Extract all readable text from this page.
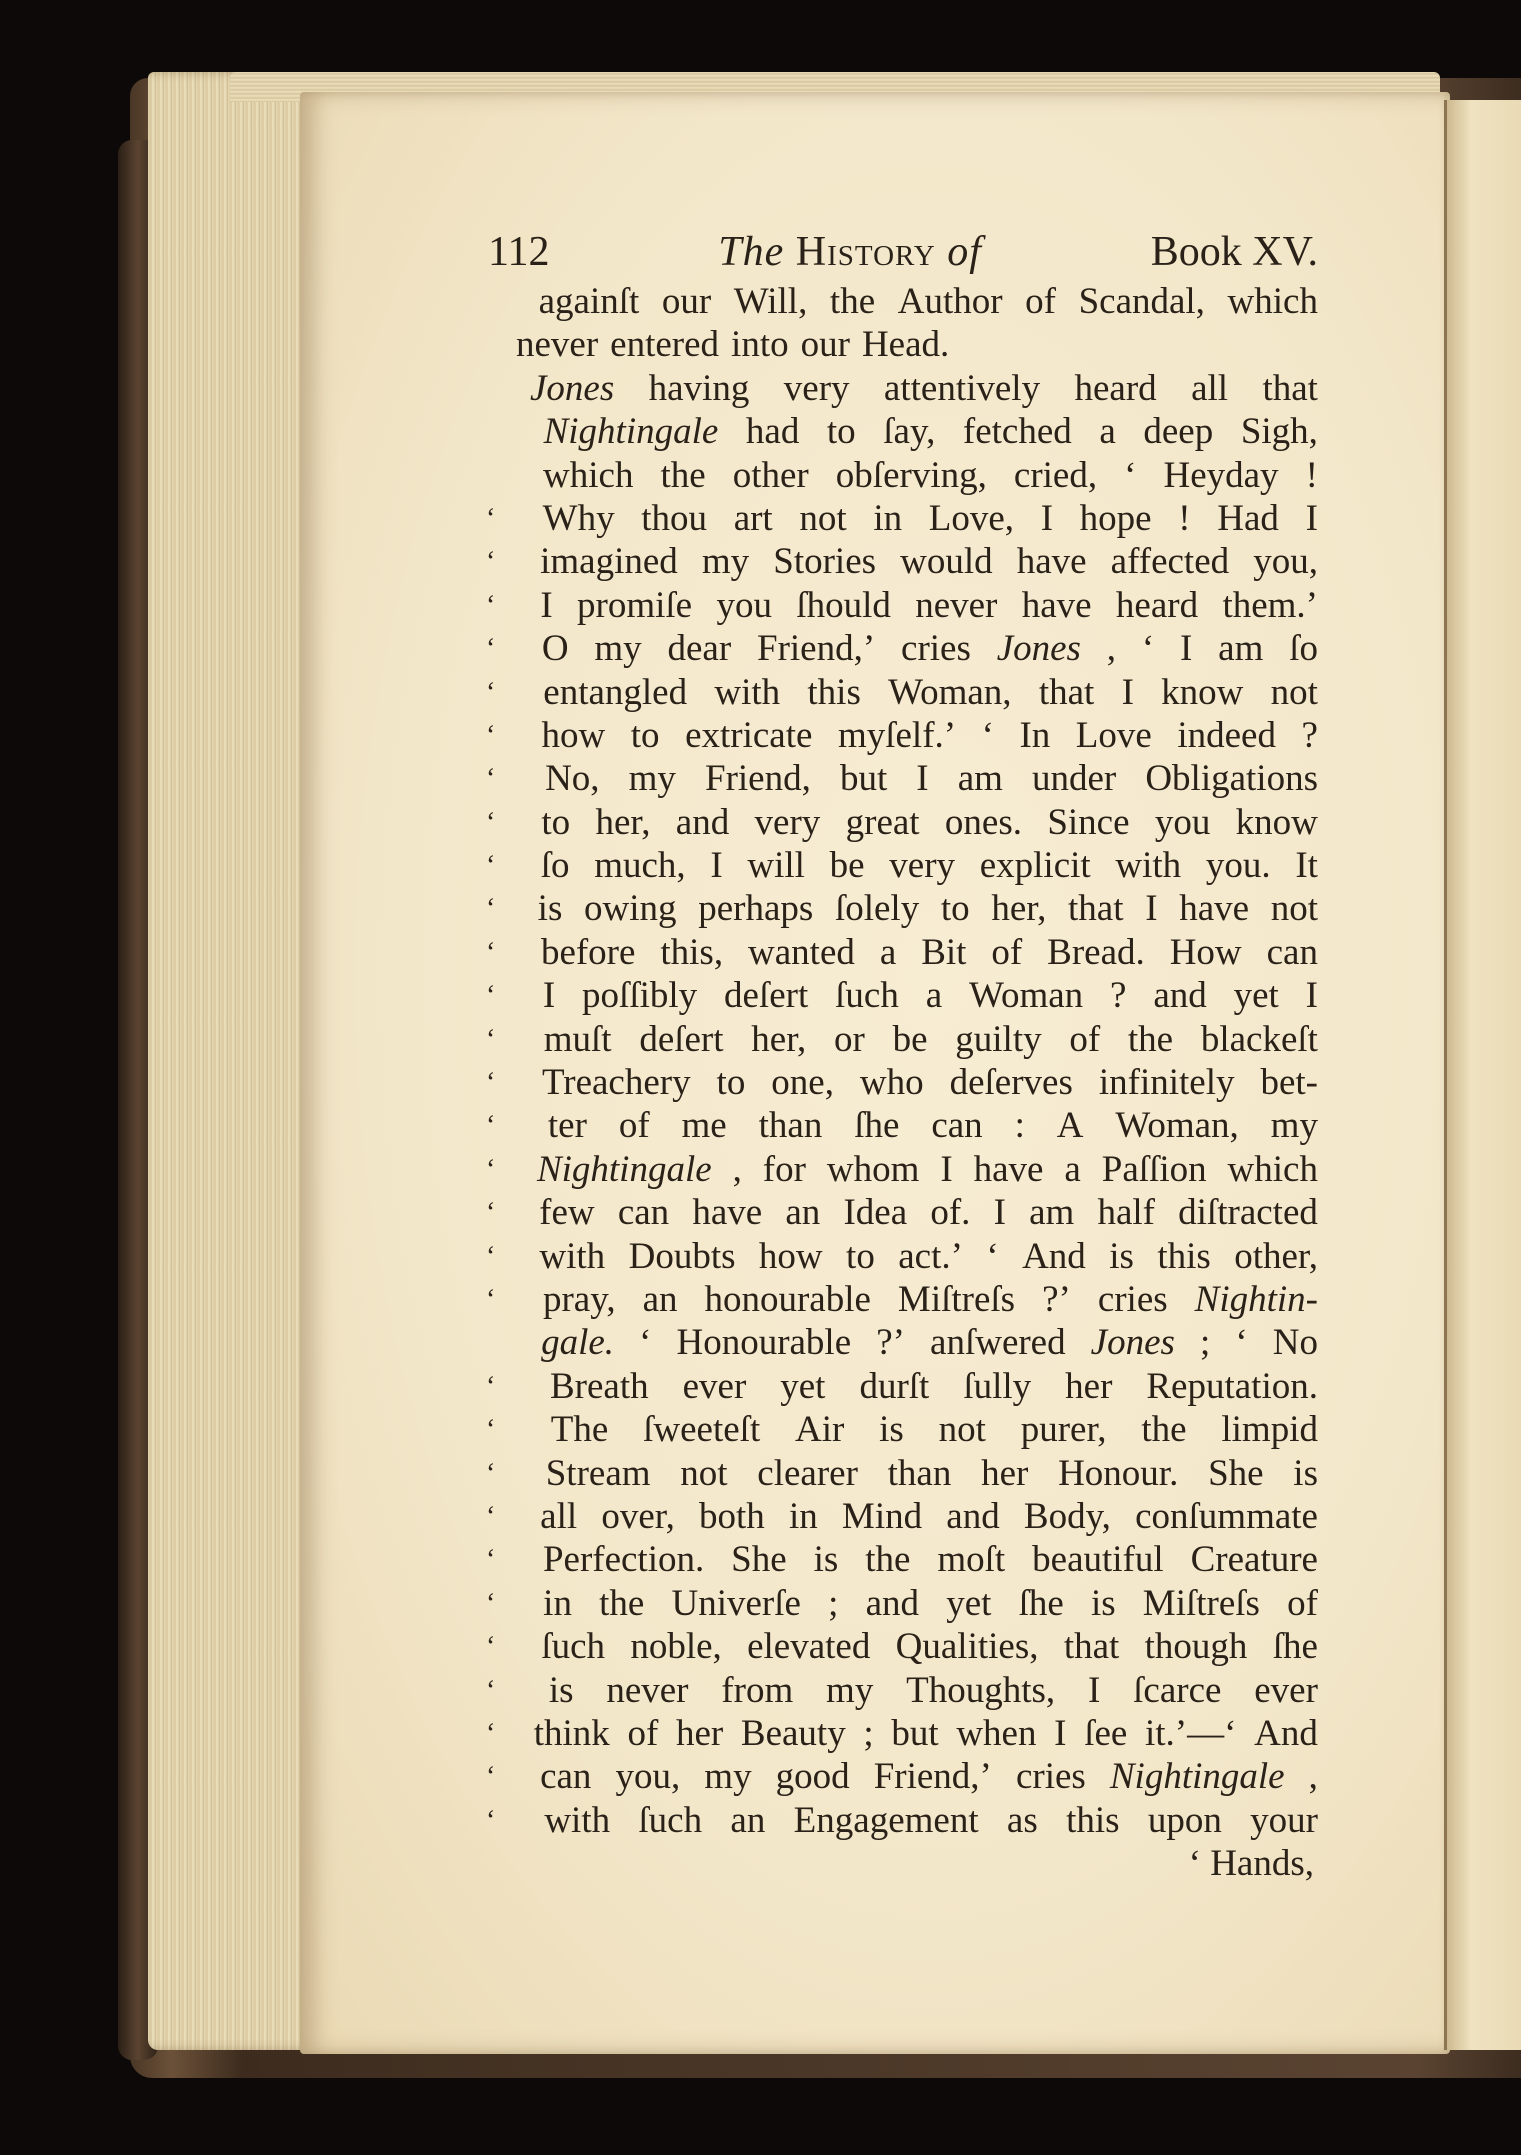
112	The History of	Book XV.
againſt our Will, the Author of Scandal, which
never entered into our Head.
Jones having very attentively heard all that
Nightingale had to ſay, fetched a deep Sigh,
which the other obſerving, cried, ‘ Heyday !
‘	Why thou art not in Love, I hope ! Had I
‘	imagined my Stories would have affected you,
‘	I promiſe you ſhould never have heard them.’
‘	O my dear Friend,’ cries Jones , ‘ I am ſo
‘	entangled with this Woman, that I know not
‘	how to extricate myſelf.’ ‘ In Love indeed ?
‘	No, my Friend, but I am under Obligations
‘	to her, and very great ones. Since you know
‘	ſo much, I will be very explicit with you. It
‘	is owing perhaps ſolely to her, that I have not
‘	before this, wanted a Bit of Bread. How can
‘	I poſſibly deſert ſuch a Woman ? and yet I
‘	muſt deſert her, or be guilty of the blackeſt
‘	Treachery to one, who deſerves infinitely bet-
‘	ter of me than ſhe can : A Woman, my
‘	Nightingale , for whom I have a Paſſion which
‘	few can have an Idea of. I am half diſtracted
‘	with Doubts how to act.’ ‘ And is this other,
‘	pray, an honourable Miſtreſs ?’ cries Nightin-
gale. ‘ Honourable ?’ anſwered Jones ; ‘ No
‘	Breath ever yet durſt ſully her Reputation.
‘	The ſweeteſt Air is not purer, the limpid
‘	Stream not clearer than her Honour. She is
‘	all over, both in Mind and Body, conſummate
‘	Perfection. She is the moſt beautiful Creature
‘	in the Univerſe ; and yet ſhe is Miſtreſs of
‘	ſuch noble, elevated Qualities, that though ſhe
‘	is never from my Thoughts, I ſcarce ever
‘	think of her Beauty ; but when I ſee it.’—‘ And
‘	can you, my good Friend,’ cries Nightingale ,
‘	with ſuch an Engagement as this upon your
‘ Hands,
